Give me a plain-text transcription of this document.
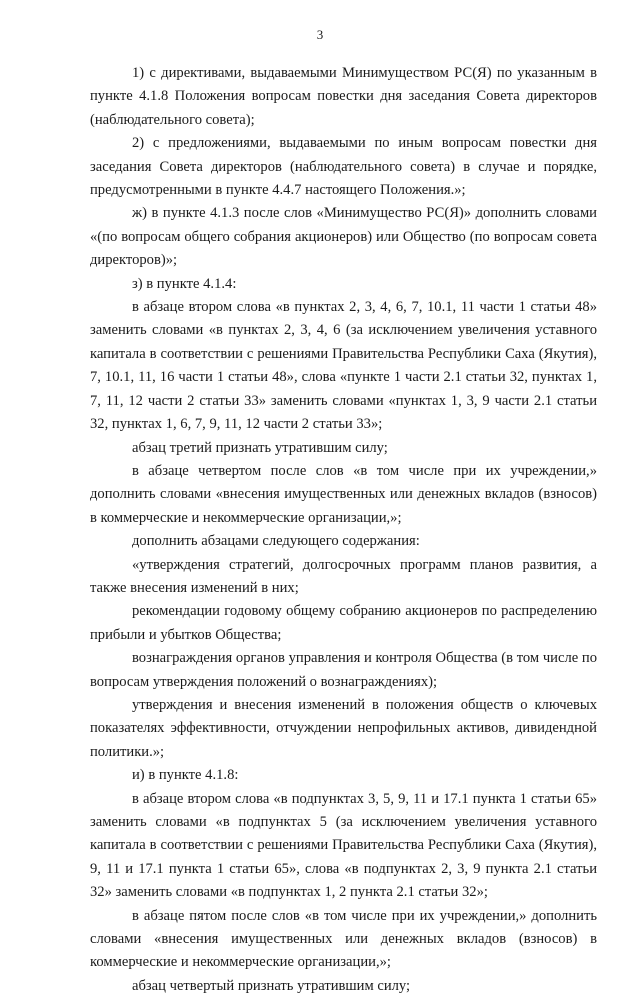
3

1) с директивами, выдаваемыми Минимуществом РС(Я) по указанным в пункте 4.1.8 Положения вопросам повестки дня заседания Совета директоров (наблюдательного совета);

2) с предложениями, выдаваемыми по иным вопросам повестки дня заседания Совета директоров (наблюдательного совета) в случае и порядке, предусмотренными в пункте 4.4.7 настоящего Положения.»;

ж) в пункте 4.1.3 после слов «Минимущество РС(Я)» дополнить словами «(по вопросам общего собрания акционеров) или Общество (по вопросам совета директоров)»;

з) в пункте 4.1.4:

в абзаце втором слова «в пунктах 2, 3, 4, 6, 7, 10.1, 11 части 1 статьи 48» заменить словами «в пунктах 2, 3, 4, 6 (за исключением увеличения уставного капитала в соответствии с решениями Правительства Республики Саха (Якутия), 7, 10.1, 11, 16 части 1 статьи 48», слова «пункте 1 части 2.1 статьи 32, пунктах 1, 7, 11, 12 части 2 статьи 33» заменить словами «пунктах 1, 3, 9 части 2.1 статьи 32, пунктах 1, 6, 7, 9, 11, 12 части 2 статьи 33»;

абзац третий признать утратившим силу;

в абзаце четвертом после слов «в том числе при их учреждении,» дополнить словами «внесения имущественных или денежных вкладов (взносов) в коммерческие и некоммерческие организации,»;

дополнить абзацами следующего содержания:

«утверждения стратегий, долгосрочных программ планов развития, а также внесения изменений в них;

рекомендации годовому общему собранию акционеров по распределению прибыли и убытков Общества;

вознаграждения органов управления и контроля Общества (в том числе по вопросам утверждения положений о вознаграждениях);

утверждения и внесения изменений в положения обществ о ключевых показателях эффективности, отчуждении непрофильных активов, дивидендной политики.»;

и) в пункте 4.1.8:

в абзаце втором слова «в подпунктах 3, 5, 9, 11 и 17.1 пункта 1 статьи 65» заменить словами «в подпунктах 5 (за исключением увеличения уставного капитала в соответствии с решениями Правительства Республики Саха (Якутия), 9, 11 и 17.1 пункта 1 статьи 65», слова «в подпунктах 2, 3, 9 пункта 2.1 статьи 32» заменить словами «в подпунктах 1, 2 пункта 2.1 статьи 32»;

в абзаце пятом после слов «в том числе при их учреждении,» дополнить словами «внесения имущественных или денежных вкладов (взносов) в коммерческие и некоммерческие организации,»;

абзац четвертый признать утратившим силу;
